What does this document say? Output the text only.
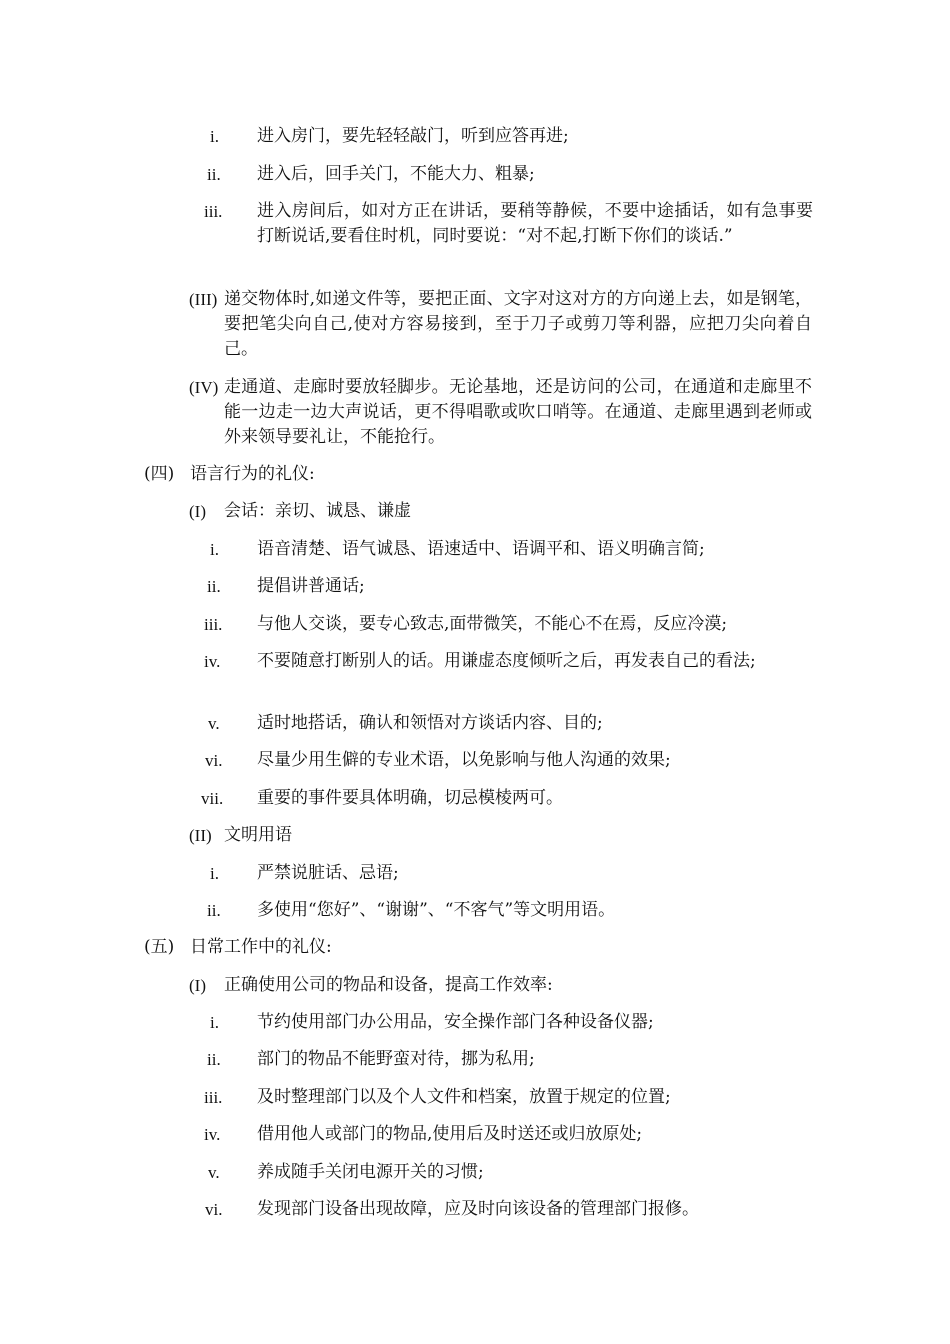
i. 进入房门，要先轻轻敲门，听到应答再进;
ii. 进入后，回手关门，不能大力、粗暴;
iii. 进入房间后，如对方正在讲话，要稍等静候，不要中途插话，如有急事要打断说话,要看住时机，同时要说：“对不起,打断下你们的谈话.”
(III) 递交物体时,如递文件等，要把正面、文字对这对方的方向递上去，如是钢笔，要把笔尖向自己,使对方容易接到，至于刀子或剪刀等利器，应把刀尖向着自己。
(IV) 走通道、走廊时要放轻脚步。无论基地，还是访问的公司，在通道和走廊里不能一边走一边大声说话，更不得唱歌或吹口哨等。在通道、走廊里遇到老师或外来领导要礼让，不能抢行。
(四) 语言行为的礼仪:
(I) 会话：亲切、诚恳、谦虚
i. 语音清楚、语气诚恳、语速适中、语调平和、语义明确言简;
ii. 提倡讲普通话;
iii. 与他人交谈，要专心致志,面带微笑，不能心不在焉，反应冷漠;
iv. 不要随意打断别人的话。用谦虚态度倾听之后，再发表自己的看法;
v. 适时地搭话，确认和领悟对方谈话内容、目的;
vi. 尽量少用生僻的专业术语，以免影响与他人沟通的效果;
vii. 重要的事件要具体明确，切忌模棱两可。
(II) 文明用语
i. 严禁说脏话、忌语;
ii. 多使用“您好”、“谢谢”、“不客气”等文明用语。
(五) 日常工作中的礼仪:
(I) 正确使用公司的物品和设备，提高工作效率:
i. 节约使用部门办公用品，安全操作部门各种设备仪器;
ii. 部门的物品不能野蛮对待，挪为私用;
iii. 及时整理部门以及个人文件和档案，放置于规定的位置;
iv. 借用他人或部门的物品,使用后及时送还或归放原处;
v. 养成随手关闭电源开关的习惯;
vi. 发现部门设备出现故障，应及时向该设备的管理部门报修。
